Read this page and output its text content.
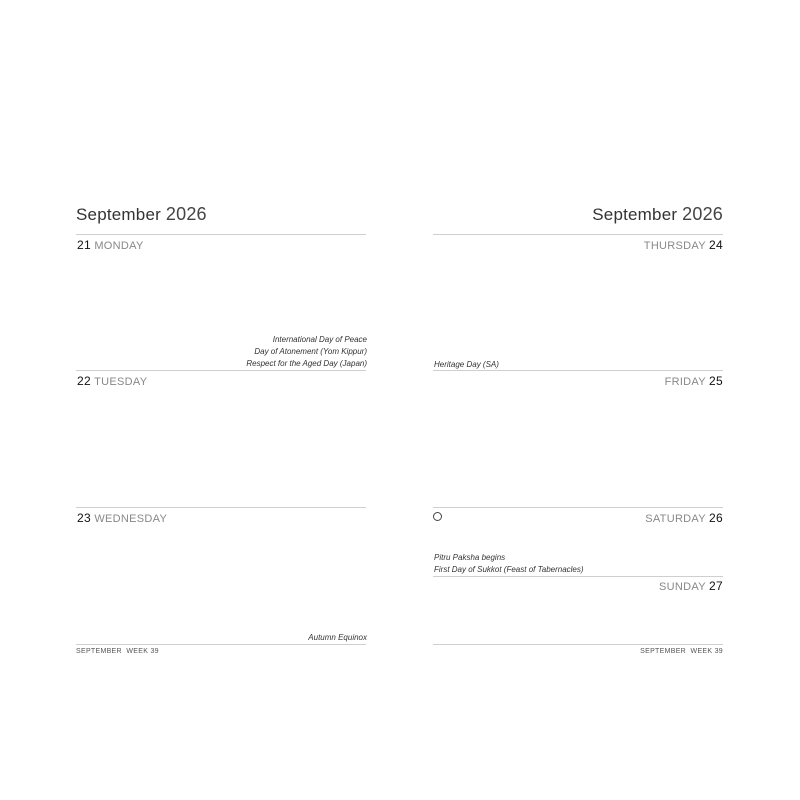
September 2026
21 MONDAY
International Day of Peace
Day of Atonement (Yom Kippur)
Respect for the Aged Day (Japan)
22 TUESDAY
23 WEDNESDAY
Autumn Equinox
SEPTEMBER WEEK 39
September 2026
THURSDAY 24
Heritage Day (SA)
FRIDAY 25
SATURDAY 26
Pitru Paksha begins
First Day of Sukkot (Feast of Tabernacles)
SUNDAY 27
SEPTEMBER WEEK 39
